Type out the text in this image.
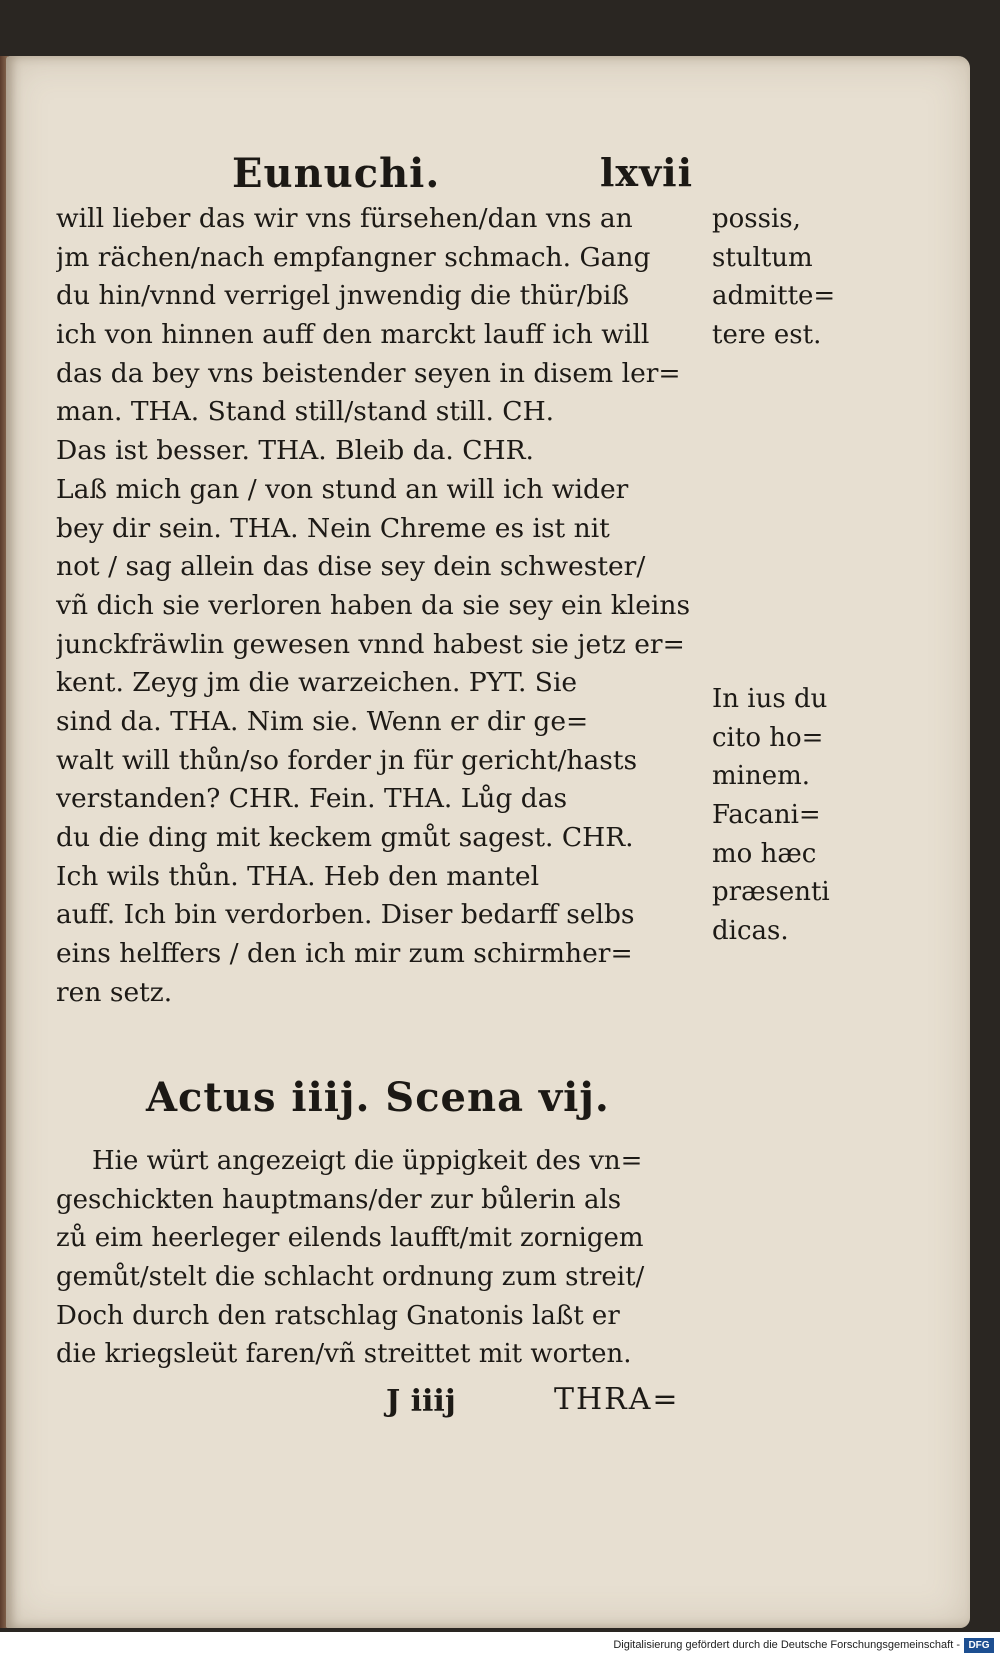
Eunuchi.	lxvii
will lieber das wir vns fürsehen/dan vns an
jm rächen/nach empfangner schmach. Gang
du hin/vnnd verrigel jnwendig die thür/biß
ich von hinnen auff den marckt lauff ich will
das da bey vns beistender seyen in disem ler=
man. THA. Stand still/stand still. CH.
Das ist besser. THA. Bleib da. CHR.
Laß mich gan / von stund an will ich wider
bey dir sein. THA. Nein Chreme es ist nit
not / sag allein das dise sey dein schwester/
vñ dich sie verloren haben da sie sey ein kleins
junckfräwlin gewesen vnnd habest sie jetz er=
kent. Zeyg jm die warzeichen. PYT. Sie
sind da. THA. Nim sie. Wenn er dir ge=
walt will thůn/so forder jn für gericht/hasts
verstanden? CHR. Fein. THA. Lůg das
du die ding mit keckem gmůt sagest. CHR.
Ich wils thůn. THA. Heb den mantel
auff. Ich bin verdorben. Diser bedarff selbs
eins helffers / den ich mir zum schirmher=
ren setz.
possis,
stultum
admitte=
tere est.
In ius du
cito ho=
minem.
Facani=
mo hæc
præsenti
dicas.
Actus iiij. Scena vij.
Hie würt angezeigt die üppigkeit des vn=
geschickten hauptmans/der zur bůlerin als
zů eim heerleger eilends laufft/mit zornigem
gemůt/stelt die schlacht ordnung zum streit/
Doch durch den ratschlag Gnatonis laßt er
die kriegsleüt faren/vñ streittet mit worten.
J iiij	THRA=
Digitalisierung gefördert durch die Deutsche Forschungsgemeinschaft - DFG
